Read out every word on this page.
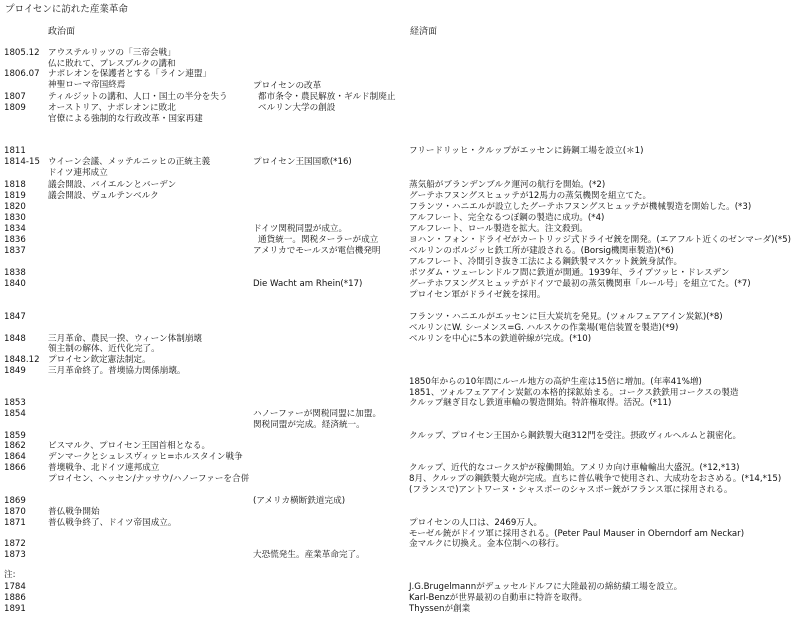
プロイセンに訪れた産業革命
政治面	経済面
1805.12
1806.07
1807
1809
1811
1814-15
1818
1819
1820
1830
1834
1836
1837
1838
1840
1847
1848
1848.12
1849
1853
1854
1859
1862
1864
1866
1869
1870
1871
1872
1873
注:
1784
1886
1891
アウステルリッツの「三帝会戦」
仏に敗れて、プレスブルクの講和
ナポレオンを保護者とする「ライン連盟」
神聖ローマ帝国終焉
ティルジットの講和、人口・国土の半分を失う
オーストリア、ナポレオンに敗北
官僚による強制的な行政改革・国家再建
ウイーン会議、メッテルニッヒの正統主義
ドイツ連邦成立
議会開設、バイエルンとバーデン
議会開設、ヴュルテンベルク
三月革命、農民一揆、ウィーン体制崩壊
領主制の解体、近代化完了。
プロイセン欽定憲法制定。
三月革命終了。普墺協力関係崩壊。
ビスマルク、プロイセン王国首相となる。
デンマークとシュレスヴィッヒ=ホルスタイン戦争
普墺戦争、北ドイツ連邦成立
プロイセン、ヘッセン/ナッサウ/ハノーファーを合併
普仏戦争開始
普仏戦争終了、ドイツ帝国成立。
プロイセンの改革
都市条令・農民解放・ギルド制廃止
ベルリン大学の創設
プロイセン王国国歌(*16)
ドイツ関税同盟が成立。
通貨統一。関税ターラーが成立
アメリカでモールスが電信機発明
Die Wacht am Rhein(*17)
ハノーファーが関税同盟に加盟。
関税同盟が完成。経済統一。
(アメリカ横断鉄道完成)
大恐慌発生。産業革命完了。
フリードリッヒ・クルップがエッセンに鋳鋼工場を設立(＊1)
蒸気船がブランデンブルク運河の航行を開始。(*2)
グーテホフヌングスヒュッテが12馬力の蒸気機関を組立てた。
フランツ・ハニエルが設立したグーテホフヌングスヒュッテが機械製造を開始した。(*3)
アルフレート、完全なるつぼ鋼の製造に成功。(*4)
アルフレート、ロール製造を拡大。注文殺到。
ヨハン・フォン・ドライゼがカートリッジ式ドライゼ銃を開発。(エアフルト近くのゼンマーダ)(*5)
ベルリンのボルジッヒ鉄工所が建設される。(Borsig機関車製造)(*6)
アルフレート、冷間引き抜き工法による鋼鉄製マスケット銃銃身試作。
ポツダム・ツェーレンドルフ間に鉄道が開通。1939年、ライプツッヒ・ドレスデン
グーテホフヌングスヒュッテがドイツで最初の蒸気機関車「ルール号」を組立てた。(*7)
プロイセン軍がドライゼ銃を採用。
フランツ・ハニエルがエッセンに巨大炭坑を発見。(ツォルフェアアイン炭鉱)(*8)
ベルリンにW. シーメンス=G. ハルスケの作業場(電信装置を製造)(*9)
ベルリンを中心に5本の鉄道幹線が完成。(*10)
1850年からの10年間にルール地方の高炉生産は15倍に増加。(年率41%増)
1851、ツォルフェアアイン炭鉱の本格的採鉱始まる。コークス鉄鉄用コークスの製造
クルップ継ぎ目なし鉄道車輪の製造開始。特許権取得。活況。(*11)
クルップ、プロイセン王国から鋼鉄製大砲312門を受注。摂政ヴィルヘルムと親密化。
クルップ、近代的なコークス炉が稼働開始。アメリカ向け車輪輸出大盛況。(*12,*13)
8月、クルップの鋼鉄製大砲が完成。直ちに普仏戦争で使用され、大成功をおさめる。(*14,*15)
(フランスで)アントワーヌ・シャスポーのシャスポー銃がフランス軍に採用される。
プロイセンの人口は、2469万人。
モーゼル銃がドイツ軍に採用される。(Peter Paul Mauser in Oberndorf am Neckar)
金マルクに切換え。金本位制への移行。
J.G.Brugelmannがデュッセルドルフに大陸最初の綿紡績工場を設立。
Karl-Benzが世界最初の自動車に特許を取得。
Thyssenが創業
